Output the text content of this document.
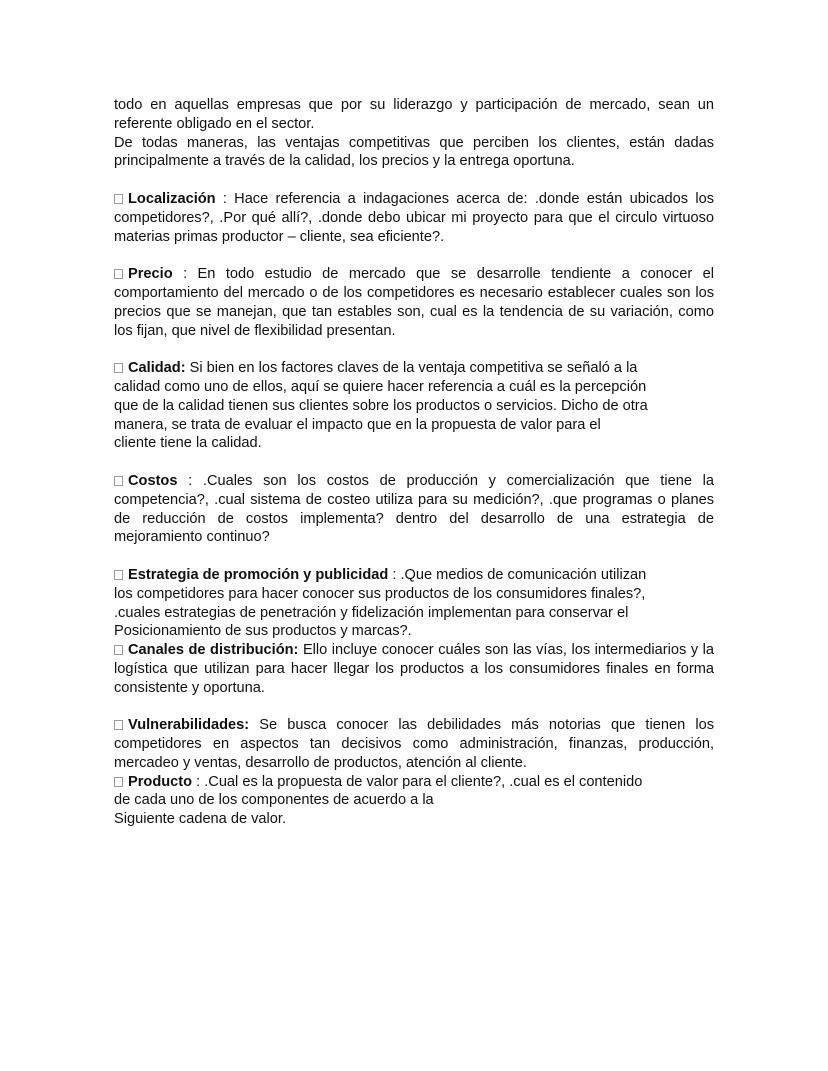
todo en aquellas empresas que por su liderazgo y participación de mercado, sean un referente obligado en el sector.

De todas maneras, las ventajas competitivas que perciben los clientes, están dadas principalmente a través de la calidad, los precios y la entrega oportuna.

Localización : Hace referencia a indagaciones acerca de: .donde están ubicados los competidores?, .Por qué allí?, .donde debo ubicar mi proyecto para que el circulo virtuoso materias primas productor – cliente, sea eficiente?.

Precio : En todo estudio de mercado que se desarrolle tendiente a conocer el comportamiento del mercado o de los competidores es necesario establecer cuales son los precios que se manejan, que tan estables son, cual es la tendencia de su variación, como los fijan, que nivel de flexibilidad presentan.

Calidad: Si bien en los factores claves de la ventaja competitiva se señaló a la
calidad como uno de ellos, aquí se quiere hacer referencia a cuál es la percepción
que de la calidad tienen sus clientes sobre los productos o servicios. Dicho de otra
manera, se trata de evaluar el impacto que en la propuesta de valor para el
cliente tiene la calidad.

Costos : .Cuales son los costos de producción y comercialización que tiene la competencia?, .cual sistema de costeo utiliza para su medición?, .que programas o planes de reducción de costos implementa? dentro del desarrollo de una estrategia de mejoramiento continuo?

Estrategia de promoción y publicidad : .Que medios de comunicación utilizan
los competidores para hacer conocer sus productos de los consumidores finales?,
.cuales estrategias de penetración y fidelización implementan para conservar el
Posicionamiento de sus productos y marcas?.

Canales de distribución: Ello incluye conocer cuáles son las vías, los intermediarios y la logística que utilizan para hacer llegar los productos a los consumidores finales en forma consistente y oportuna.

Vulnerabilidades: Se busca conocer las debilidades más notorias que tienen los competidores en aspectos tan decisivos como administración, finanzas, producción, mercadeo y ventas, desarrollo de productos, atención al cliente.

Producto : .Cual es la propuesta de valor para el cliente?, .cual es el contenido
de cada uno de los componentes de acuerdo a la
Siguiente cadena de valor.
